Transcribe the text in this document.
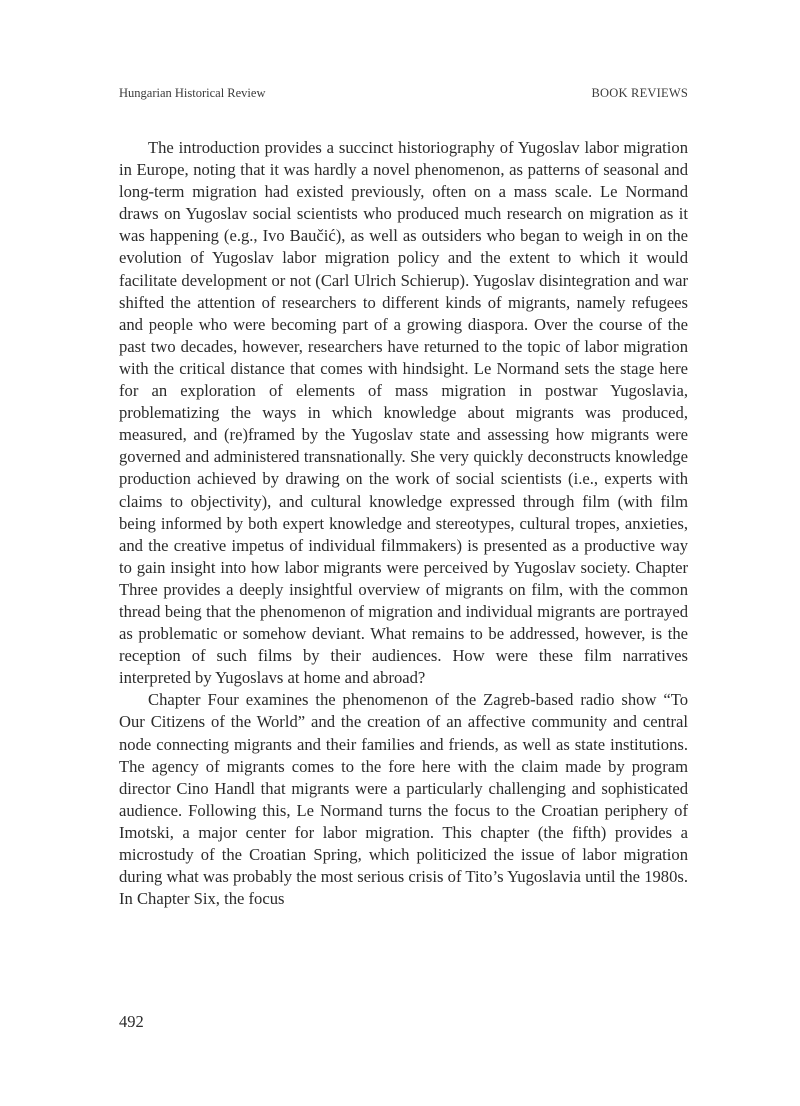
Hungarian Historical Review	BOOK REVIEWS

The introduction provides a succinct historiography of Yugoslav labor migration in Europe, noting that it was hardly a novel phenomenon, as patterns of seasonal and long-term migration had existed previously, often on a mass scale. Le Normand draws on Yugoslav social scientists who produced much research on migration as it was happening (e.g., Ivo Baučić), as well as outsiders who began to weigh in on the evolution of Yugoslav labor migration policy and the extent to which it would facilitate development or not (Carl Ulrich Schierup). Yugoslav disintegration and war shifted the attention of researchers to different kinds of migrants, namely refugees and people who were becoming part of a growing diaspora. Over the course of the past two decades, however, researchers have returned to the topic of labor migration with the critical distance that comes with hindsight. Le Normand sets the stage here for an exploration of elements of mass migration in postwar Yugoslavia, problematizing the ways in which knowledge about migrants was produced, measured, and (re)framed by the Yugoslav state and assessing how migrants were governed and administered transnationally. She very quickly deconstructs knowledge production achieved by drawing on the work of social scientists (i.e., experts with claims to objectivity), and cultural knowledge expressed through film (with film being informed by both expert knowledge and stereotypes, cultural tropes, anxieties, and the creative impetus of individual filmmakers) is presented as a productive way to gain insight into how labor migrants were perceived by Yugoslav society. Chapter Three provides a deeply insightful overview of migrants on film, with the common thread being that the phenomenon of migration and individual migrants are portrayed as problematic or somehow deviant. What remains to be addressed, however, is the reception of such films by their audiences. How were these film narratives interpreted by Yugoslavs at home and abroad?

Chapter Four examines the phenomenon of the Zagreb-based radio show “To Our Citizens of the World” and the creation of an affective community and central node connecting migrants and their families and friends, as well as state institutions. The agency of migrants comes to the fore here with the claim made by program director Cino Handl that migrants were a particularly challenging and sophisticated audience. Following this, Le Normand turns the focus to the Croatian periphery of Imotski, a major center for labor migration. This chapter (the fifth) provides a microstudy of the Croatian Spring, which politicized the issue of labor migration during what was probably the most serious crisis of Tito’s Yugoslavia until the 1980s. In Chapter Six, the focus

492
